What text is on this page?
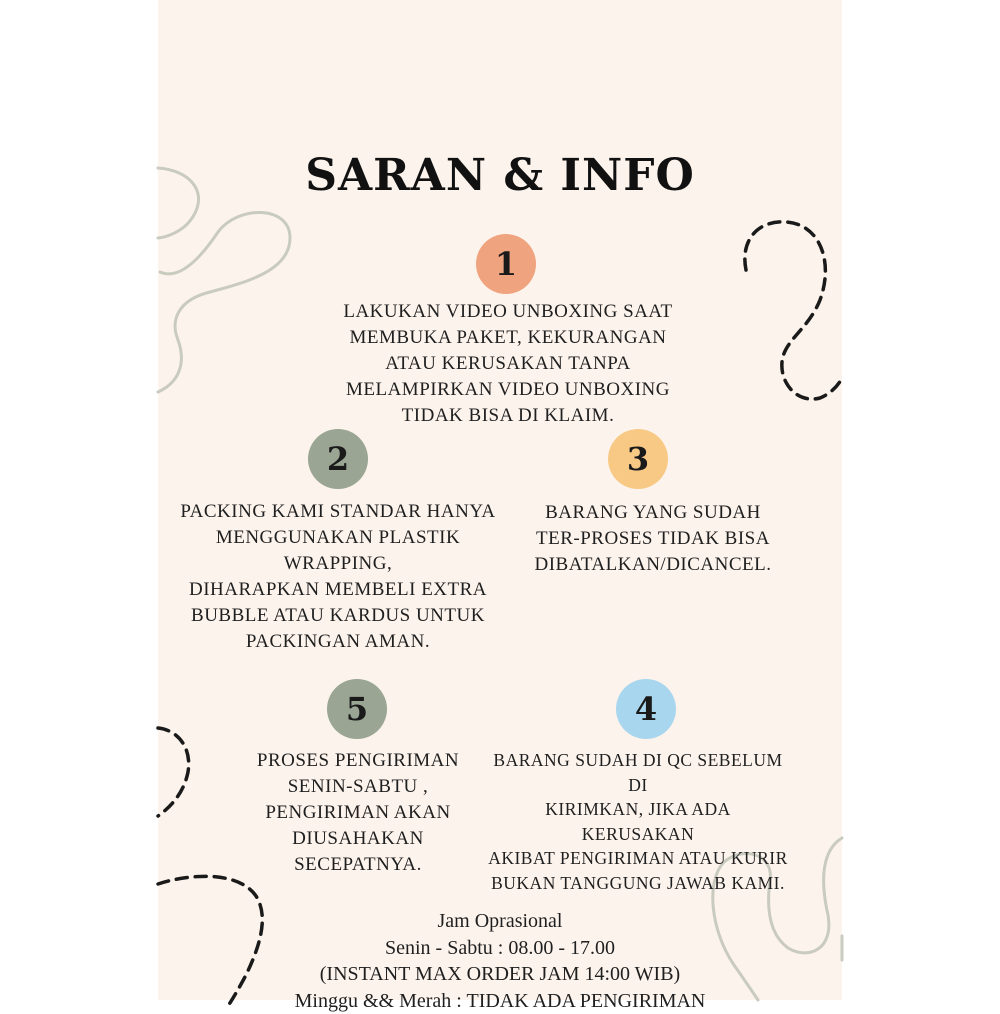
SARAN & INFO
1
LAKUKAN VIDEO UNBOXING SAAT
MEMBUKA PAKET, KEKURANGAN
ATAU KERUSAKAN TANPA
MELAMPIRKAN VIDEO UNBOXING
TIDAK BISA DI KLAIM.
2
PACKING KAMI STANDAR HANYA
MENGGUNAKAN PLASTIK WRAPPING,
DIHARAPKAN MEMBELI EXTRA
BUBBLE ATAU KARDUS UNTUK
PACKINGAN AMAN.
3
BARANG YANG SUDAH
TER-PROSES TIDAK BISA
DIBATALKAN/DICANCEL.
5
PROSES PENGIRIMAN
SENIN-SABTU ,
PENGIRIMAN AKAN
DIUSAHAKAN
SECEPATNYA.
4
BARANG SUDAH DI QC SEBELUM DI
KIRIMKAN, JIKA ADA KERUSAKAN
AKIBAT PENGIRIMAN ATAU KURIR
BUKAN TANGGUNG JAWAB KAMI.
Jam Oprasional
Senin - Sabtu : 08.00 - 17.00
(INSTANT MAX ORDER JAM 14:00 WIB)
Minggu && Merah : TIDAK ADA PENGIRIMAN
